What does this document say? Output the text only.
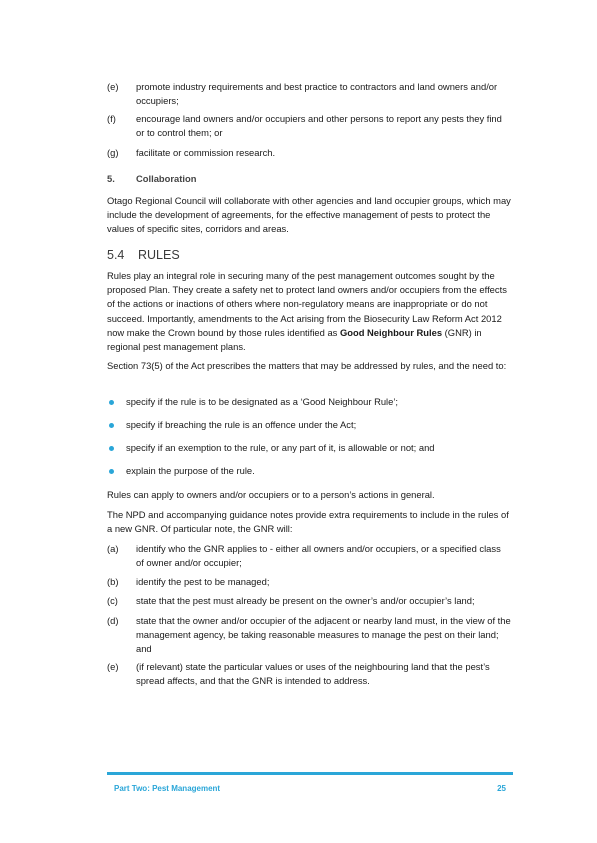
(e) promote industry requirements and best practice to contractors and land owners and/or occupiers;
(f) encourage land owners and/or occupiers and other persons to report any pests they find or to control them; or
(g) facilitate or commission research.
5. Collaboration
Otago Regional Council will collaborate with other agencies and land occupier groups, which may include the development of agreements, for the effective management of pests to protect the values of specific sites, corridors and areas.
5.4 RULES
Rules play an integral role in securing many of the pest management outcomes sought by the proposed Plan. They create a safety net to protect land owners and/or occupiers from the effects of the actions or inactions of others where non-regulatory means are inappropriate or do not succeed. Importantly, amendments to the Act arising from the Biosecurity Law Reform Act 2012 now make the Crown bound by those rules identified as Good Neighbour Rules (GNR) in regional pest management plans.
Section 73(5) of the Act prescribes the matters that may be addressed by rules, and the need to:
specify if the rule is to be designated as a ‘Good Neighbour Rule’;
specify if breaching the rule is an offence under the Act;
specify if an exemption to the rule, or any part of it, is allowable or not; and
explain the purpose of the rule.
Rules can apply to owners and/or occupiers or to a person’s actions in general.
The NPD and accompanying guidance notes provide extra requirements to include in the rules of a new GNR. Of particular note, the GNR will:
(a) identify who the GNR applies to - either all owners and/or occupiers, or a specified class of owner and/or occupier;
(b) identify the pest to be managed;
(c) state that the pest must already be present on the owner’s and/or occupier’s land;
(d) state that the owner and/or occupier of the adjacent or nearby land must, in the view of the management agency, be taking reasonable measures to manage the pest on their land; and
(e) (if relevant) state the particular values or uses of the neighbouring land that the pest’s spread affects, and that the GNR is intended to address.
Part Two: Pest Management	25
